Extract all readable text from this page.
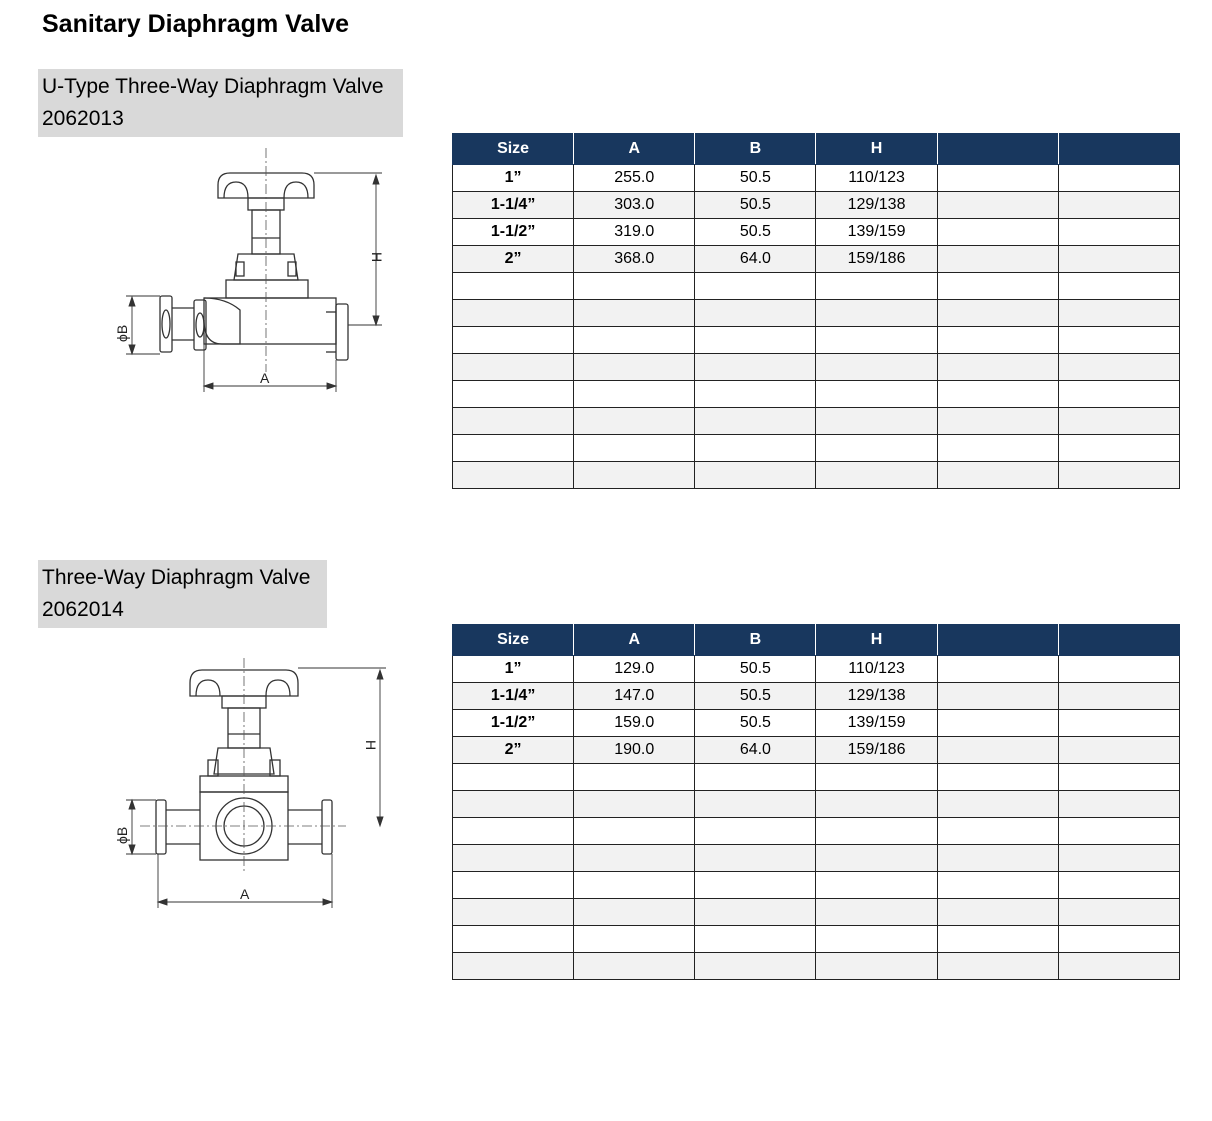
Sanitary Diaphragm Valve
U-Type Three-Way Diaphragm Valve
2062013
A
H
ϕB
Size	A	B	H		
1”	255.0	50.5	110/123		
1-1/4”	303.0	50.5	129/138		
1-1/2”	319.0	50.5	139/159		
2”	368.0	64.0	159/186		

Three-Way Diaphragm Valve
2062014
A
H
ϕB
Size	A	B	H		
1”	129.0	50.5	110/123		
1-1/4”	147.0	50.5	129/138		
1-1/2”	159.0	50.5	139/159		
2”	190.0	64.0	159/186		
